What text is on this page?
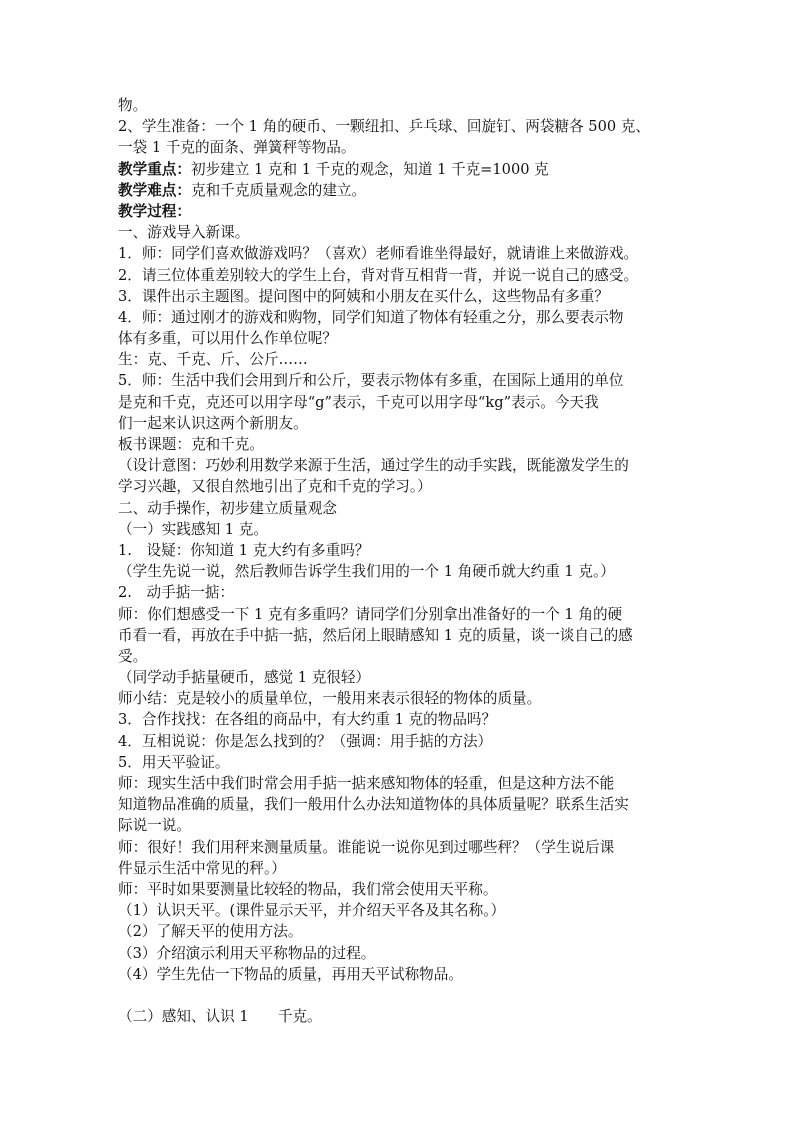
物。
2、学生准备：一个 1 角的硬币、一颗纽扣、乒乓球、回旋钉、两袋糖各 500 克、
一袋 1 千克的面条、弹簧秤等物品。
教学重点：初步建立 1 克和 1 千克的观念，知道 1 千克=1000 克
教学难点：克和千克质量观念的建立。
教学过程：
一、游戏导入新课。
1．师：同学们喜欢做游戏吗？（喜欢）老师看谁坐得最好，就请谁上来做游戏。
2．请三位体重差别较大的学生上台，背对背互相背一背，并说一说自己的感受。
3．课件出示主题图。提问图中的阿姨和小朋友在买什么，这些物品有多重？
4．师：通过刚才的游戏和购物，同学们知道了物体有轻重之分，那么要表示物
体有多重，可以用什么作单位呢？
生：克、千克、斤、公斤……
5．师：生活中我们会用到斤和公斤，要表示物体有多重，在国际上通用的单位
是克和千克，克还可以用字母“g”表示，千克可以用字母“kg”表示。今天我
们一起来认识这两个新朋友。
板书课题：克和千克。
（设计意图：巧妙利用数学来源于生活，通过学生的动手实践，既能激发学生的
学习兴趣，又很自然地引出了克和千克的学习。）
二、动手操作，初步建立质量观念
（一）实践感知 1 克。
1.　设疑：你知道 1 克大约有多重吗？
（学生先说一说，然后教师告诉学生我们用的一个 1 角硬币就大约重 1 克。）
2.　动手掂一掂：
师：你们想感受一下 1 克有多重吗？请同学们分别拿出准备好的一个 1 角的硬
币看一看，再放在手中掂一掂，然后闭上眼睛感知 1 克的质量，谈一谈自己的感
受。
（同学动手掂量硬币，感觉 1 克很轻）
师小结：克是较小的质量单位，一般用来表示很轻的物体的质量。
3．合作找找：在各组的商品中，有大约重 1 克的物品吗？
4．互相说说：你是怎么找到的？（强调：用手掂的方法）
5．用天平验证。
师：现实生活中我们时常会用手掂一掂来感知物体的轻重，但是这种方法不能
知道物品准确的质量，我们一般用什么办法知道物体的具体质量呢？联系生活实
际说一说。
师：很好！我们用秤来测量质量。谁能说一说你见到过哪些秤？（学生说后课
件显示生活中常见的秤。）
师：平时如果要测量比较轻的物品，我们常会使用天平称。
（1）认识天平。(课件显示天平，并介绍天平各及其名称。）
（2）了解天平的使用方法。
（3）介绍演示利用天平称物品的过程。
（4）学生先估一下物品的质量，再用天平试称物品。
（二）感知、认识 1　　千克。
